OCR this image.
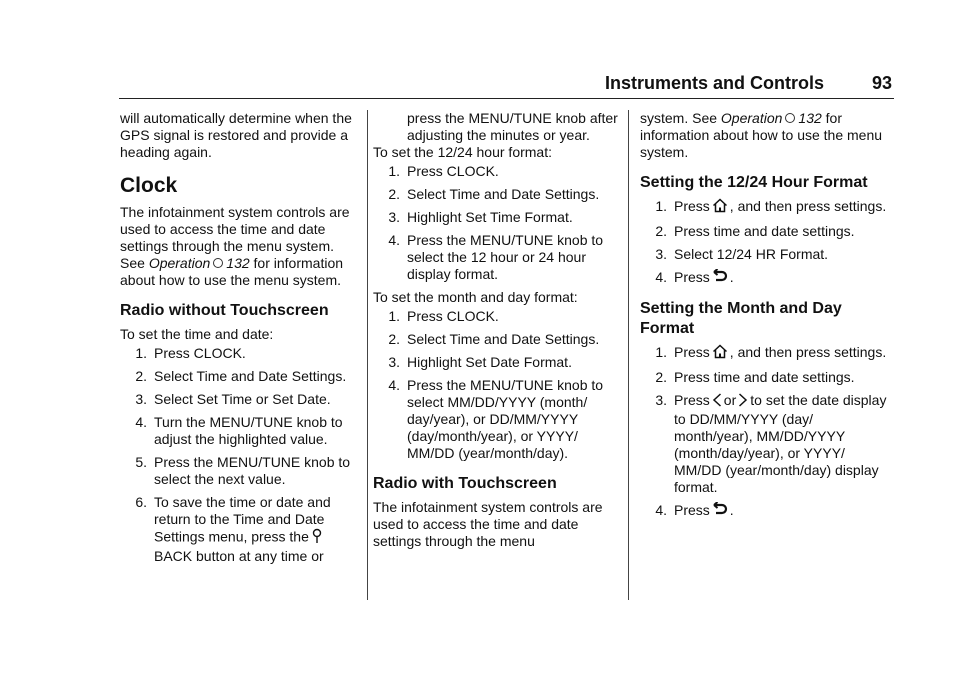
Instruments and Controls	93

will automatically determine when the GPS signal is restored and provide a heading again.

Clock

The infotainment system controls are used to access the time and date settings through the menu system. See Operation 132 for information about how to use the menu system.

Radio without Touchscreen

To set the time and date:

1. Press CLOCK.
2. Select Time and Date Settings.
3. Select Set Time or Set Date.
4. Turn the MENU/TUNE knob to adjust the highlighted value.
5. Press the MENU/TUNE knob to select the next value.
6. To save the time or date and return to the Time and Date Settings menu, press the
BACK button at any time or

press the MENU/TUNE knob after adjusting the minutes or year.

To set the 12/24 hour format:

1. Press CLOCK.
2. Select Time and Date Settings.
3. Highlight Set Time Format.
4. Press the MENU/TUNE knob to select the 12 hour or 24 hour display format.

To set the month and day format:

1. Press CLOCK.
2. Select Time and Date Settings.
3. Highlight Set Date Format.
4. Press the MENU/TUNE knob to select MM/DD/YYYY (month/ day/year), or DD/MM/YYYY (day/month/year), or YYYY/ MM/DD (year/month/day).
Radio with Touchscreen

The infotainment system controls are used to access the time and date settings through the menu

system. See Operation 132 for information about how to use the menu system.

Setting the 12/24 Hour Format
1. Press , and then press settings.
2. Press time and date settings.
3. Select 12/24 HR Format.
4. Press .
Setting the Month and Day Format
1. Press , and then press settings.
2. Press time and date settings.
3. Press or to set the date display to DD/MM/YYYY (day/ month/year), MM/DD/YYYY (month/day/year), or YYYY/ MM/DD (year/month/day) display format.
4. Press .
